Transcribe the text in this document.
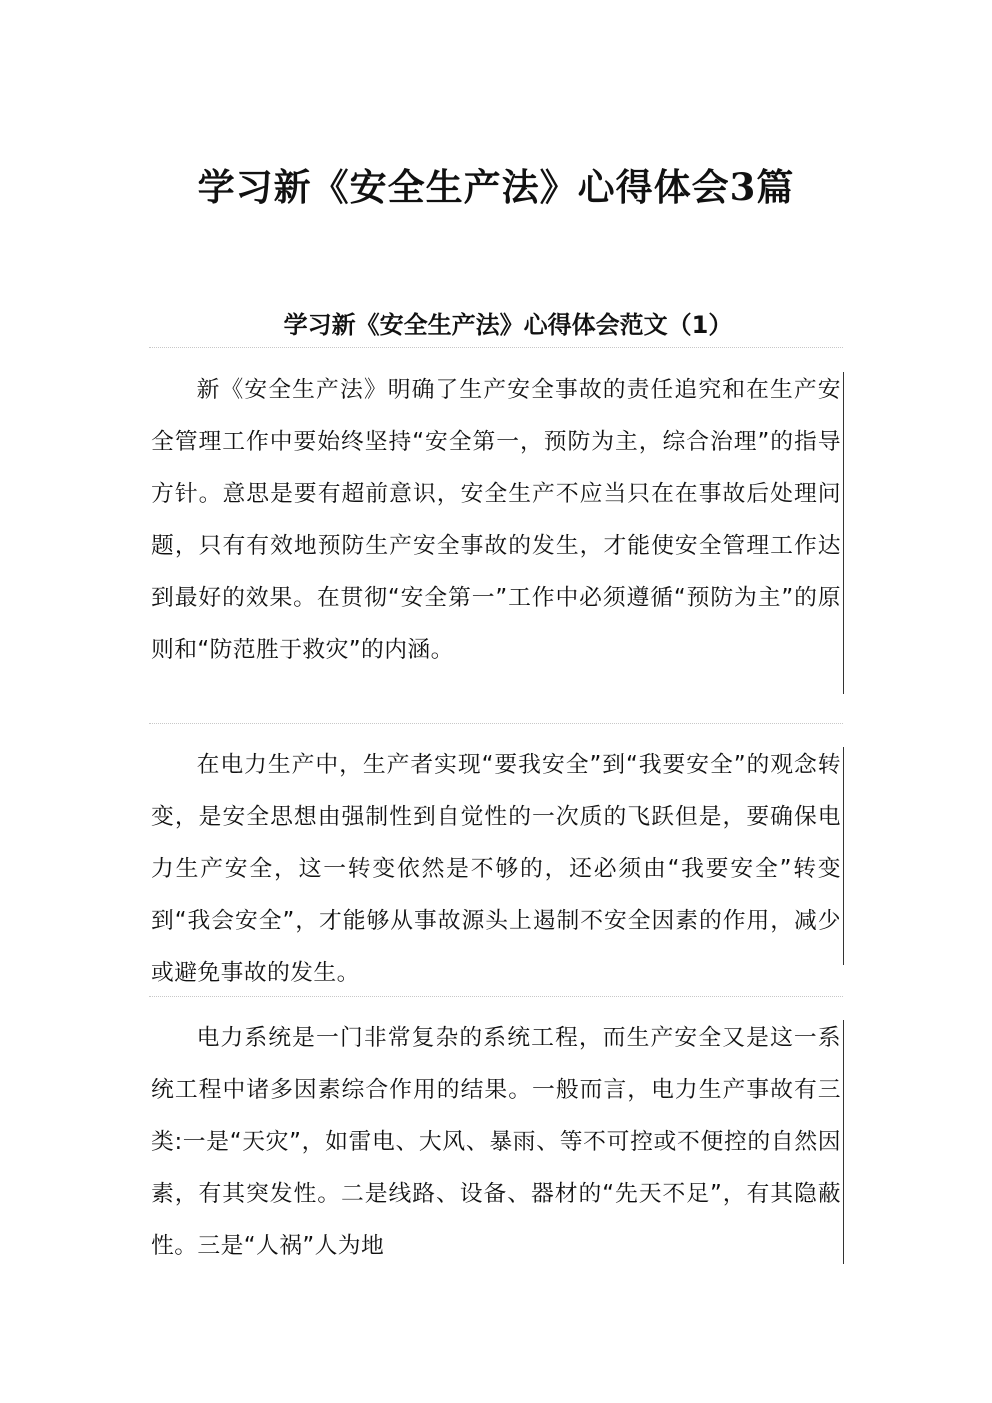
学习新《安全生产法》心得体会3篇
学习新《安全生产法》心得体会范文（1）

新《安全生产法》明确了生产安全事故的责任追究和在生产安全管理工作中要始终坚持“安全第一，预防为主，综合治理”的指导方针。意思是要有超前意识，安全生产不应当只在在事故后处理问题，只有有效地预防生产安全事故的发生，才能使安全管理工作达到最好的效果。在贯彻“安全第一”工作中必须遵循“预防为主”的原则和“防范胜于救灾”的内涵。

在电力生产中，生产者实现“要我安全”到“我要安全”的观念转变，是安全思想由强制性到自觉性的一次质的飞跃但是，要确保电力生产安全，这一转变依然是不够的，还必须由“我要安全”转变到“我会安全”，才能够从事故源头上遏制不安全因素的作用，减少或避免事故的发生。

电力系统是一门非常复杂的系统工程，而生产安全又是这一系统工程中诸多因素综合作用的结果。一般而言，电力生产事故有三类:一是“天灾”，如雷电、大风、暴雨、等不可控或不便控的自然因素，有其突发性。二是线路、设备、器材的“先天不足”，有其隐蔽性。三是“人祸”人为地
